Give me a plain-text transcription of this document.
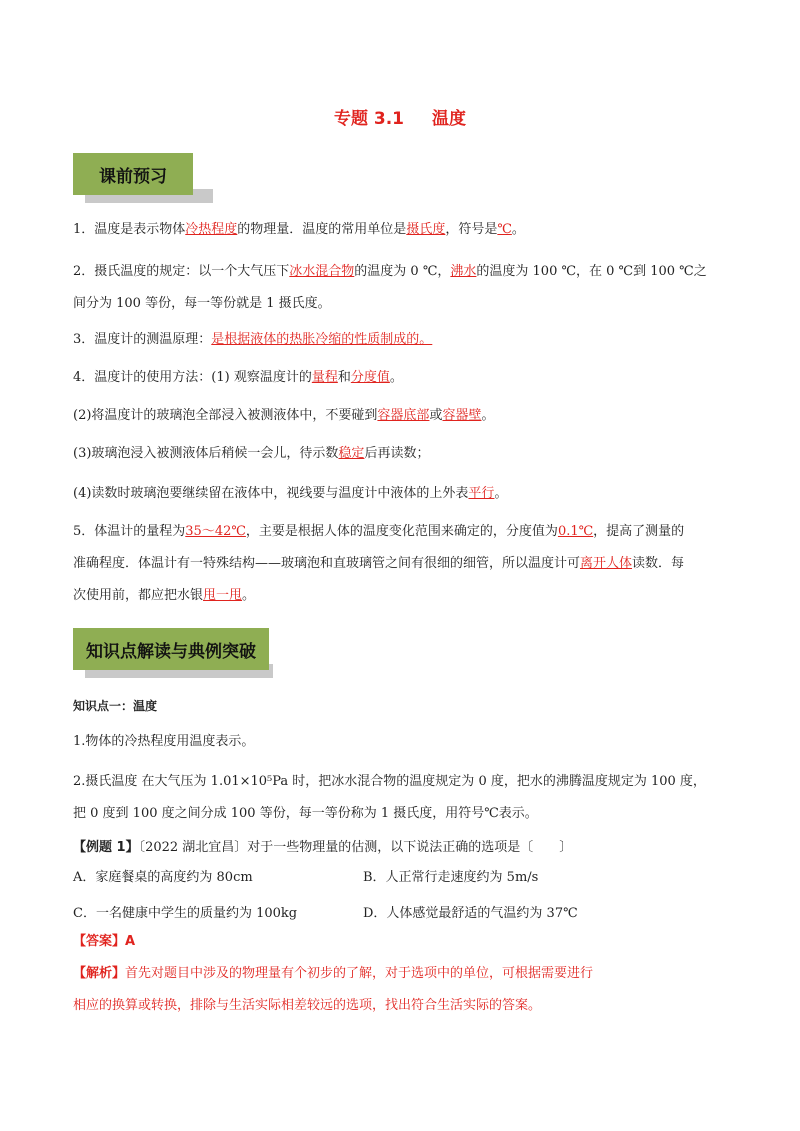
专题 3.1 温度
课前预习
1．温度是表示物体冷热程度的物理量．温度的常用单位是摄氏度，符号是℃。
2．摄氏温度的规定：以一个大气压下冰水混合物的温度为 0 ℃，沸水的温度为 100 ℃，在 0 ℃到 100 ℃之
间分为 100 等份，每一等份就是 1 摄氏度。
3．温度计的测温原理：是根据液体的热胀冷缩的性质制成的。
4．温度计的使用方法：(1) 观察温度计的量程和分度值。
(2)将温度计的玻璃泡全部浸入被测液体中，不要碰到容器底部或容器壁。
(3)玻璃泡浸入被测液体后稍候一会儿，待示数稳定后再读数；
(4)读数时玻璃泡要继续留在液体中，视线要与温度计中液体的上外表平行。
5．体温计的量程为35～42℃，主要是根据人体的温度变化范围来确定的，分度值为0.1℃，提高了测量的
准确程度．体温计有一特殊结构——玻璃泡和直玻璃管之间有很细的细管，所以温度计可离开人体读数．每
次使用前，都应把水银甩一甩。
知识点解读与典例突破
知识点一：温度
1.物体的冷热程度用温度表示。
2.摄氏温度 在大气压为 1.01×10⁵Pa 时，把冰水混合物的温度规定为 0 度，把水的沸腾温度规定为 100 度，
把 0 度到 100 度之间分成 100 等份，每一等份称为 1 摄氏度，用符号℃表示。
【例题 1】〔2022 湖北宜昌〕对于一些物理量的估测，以下说法正确的选项是〔　　〕
A．家庭餐桌的高度约为 80cm	B．人正常行走速度约为 5m/s
C．一名健康中学生的质量约为 100kg	D．人体感觉最舒适的气温约为 37℃
【答案】A
【解析】首先对题目中涉及的物理量有个初步的了解，对于选项中的单位，可根据需要进行
相应的换算或转换，排除与生活实际相差较远的选项，找出符合生活实际的答案。
